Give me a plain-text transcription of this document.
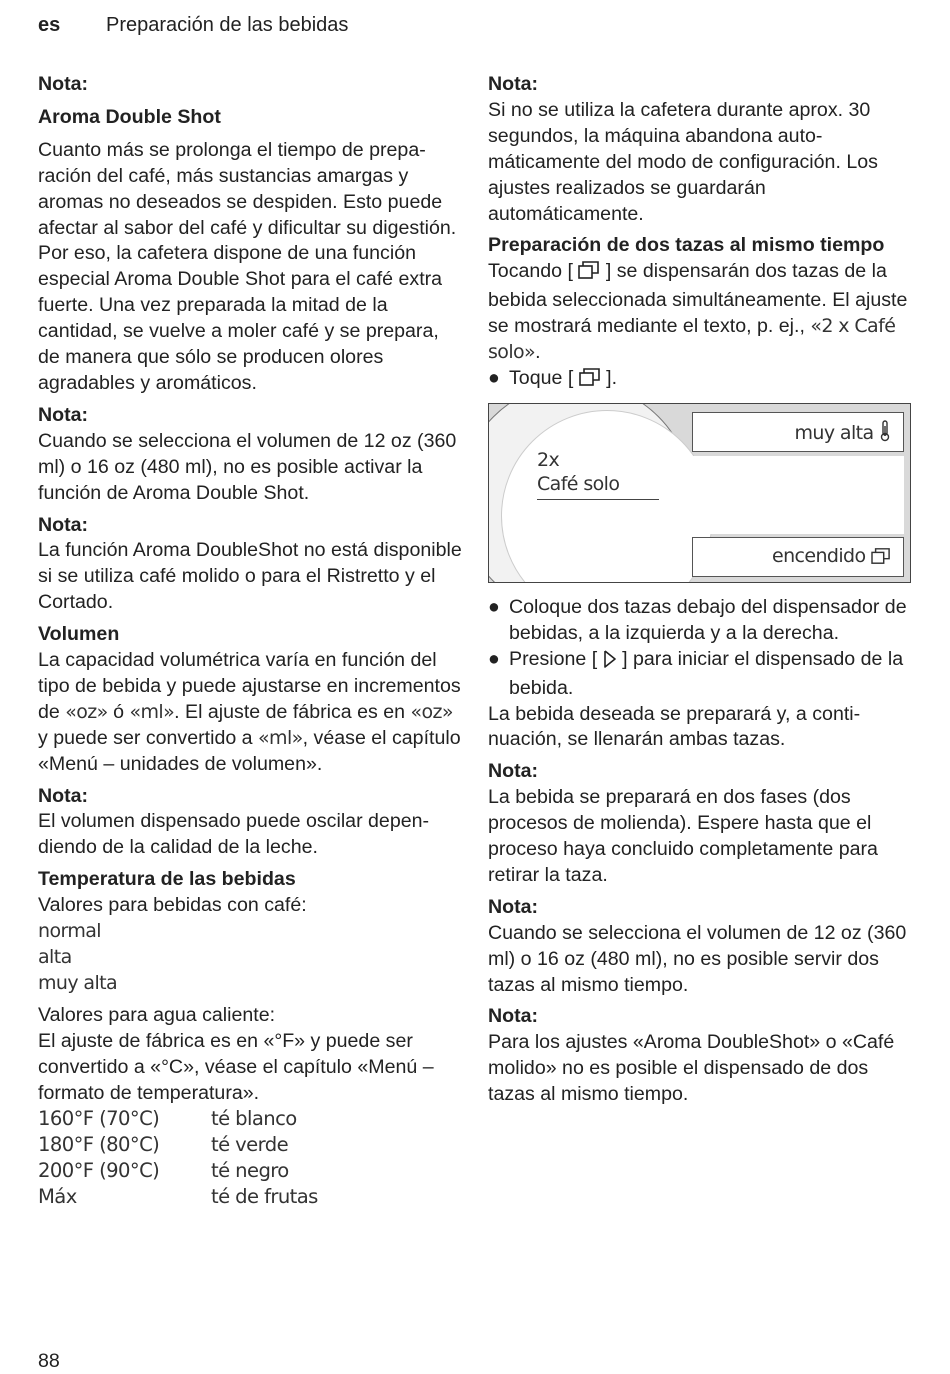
es Preparación de las bebidas
Nota:
Aroma Double Shot

Cuanto más se prolonga el tiempo de prepa-ración del café, más sustancias amargas y aromas no deseados se despiden. Esto puede afectar al sabor del café y dificultar su digestión. Por eso, la cafetera dispone de una función especial Aroma Double Shot para el café extra fuerte. Una vez preparada la mitad de la cantidad, se vuelve a moler café y se prepara, de manera que sólo se producen olores agradables y aromáticos.

Nota:

Cuando se selecciona el volumen de 12 oz (360 ml) o 16 oz (480 ml), no es posible activar la función de Aroma Double Shot.

Nota:

La función Aroma DoubleShot no está disponible si se utiliza café molido o para el Ristretto y el Cortado.

Volumen

La capacidad volumétrica varía en función del tipo de bebida y puede ajustarse en incrementos de «oz» ó «ml». El ajuste de fábrica es en «oz» y puede ser convertido a «ml», véase el capítulo «Menú – unidades de volumen».

Nota:

El volumen dispensado puede oscilar depen-diendo de la calidad de la leche.

Temperatura de las bebidas

Valores para bebidas con café:

normal
alta
muy alta

Valores para agua caliente:

El ajuste de fábrica es en «°F» y puede ser convertido a «°C», véase el capítulo «Menú – formato de temperatura».

160°F (70°C)	té blanco
180°F (80°C)	té verde
200°F (90°C)	té negro
Máx	té de frutas
Nota:

Si no se utiliza la cafetera durante aprox. 30 segundos, la máquina abandona auto-máticamente del modo de configuración. Los ajustes realizados se guardarán automáticamente.

Preparación de dos tazas al mismo tiempo

Tocando [  ] se dispensarán dos tazas de la bebida seleccionada simultáneamente. El ajuste se mostrará mediante el texto, p. ej., «2 x Café solo».

● Toque [  ].
2x
Café solo
muy alta
encendido
● Coloque dos tazas debajo del dispensador de bebidas, a la izquierda y a la derecha.
● Presione [  ] para iniciar el dispensado de la bebida.

La bebida deseada se preparará y, a conti-nuación, se llenarán ambas tazas.

Nota:

La bebida se preparará en dos fases (dos procesos de molienda). Espere hasta que el proceso haya concluido completamente para retirar la taza.

Nota:

Cuando se selecciona el volumen de 12 oz (360 ml) o 16 oz (480 ml), no es posible servir dos tazas al mismo tiempo.

Nota:

Para los ajustes «Aroma DoubleShot» o «Café molido» no es posible el dispensado de dos tazas al mismo tiempo.

88
